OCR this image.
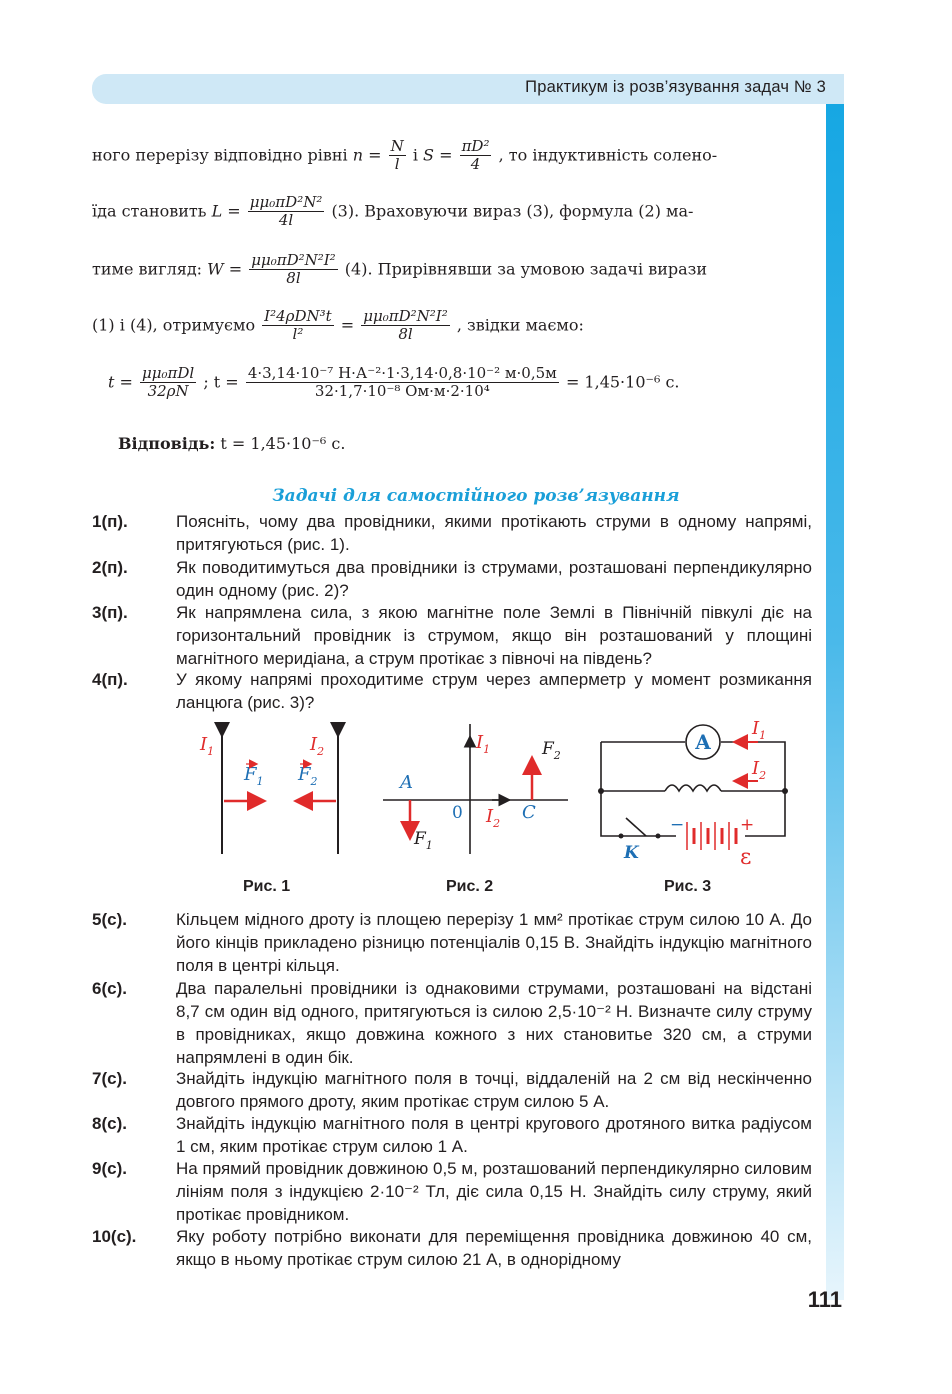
Практикум із розв’язування задач № 3
ного перерізу відповідно рівні $n = \frac{N}{l}$ і $S = \frac{\text{πD²}}{4}$ , то індуктивність солено-
їда становить $L = \frac{\text{μμ₀πD²N²}}{4l} (3)$. Враховуючи вираз (3), формула (2) ма-
тиме вигляд: $W = \frac{\text{μμ₀πD²N²I²}}{8l} (4)$. Прирівнявши за умовою задачі вирази
(1) і (4), отримуємо $\frac{\text{I²4ρDN³t}}{\text{l²}} = \frac{\text{μμ₀πD²N²I²}}{8l}$ , звідки маємо:
$t = \frac{\text{μμ₀πDl}}{32\rho N}$ ; $t = \frac{\text{4·3,14·10⁻⁷ Н·А⁻²·1·3,14·0,8·10⁻² м·0,5м}}{\text{32·1,7·10⁻⁸ Ом·м·2·10⁴}} = 1,45\cdot 10^{-6}$ с.
Відповідь: t = 1,45·10⁻⁶ с.
Задачі для самостійного розв’язування
1(п).	Поясніть, чому два провідники, якими протікають струми в одному напрямі, притягуються (рис. 1).
2(п).	Як поводитимуться два провідники із струмами, розташовані перпендикулярно один одному (рис. 2)?
3(п).	Як напрямлена сила, з якою магнітне поле Землі в Північній півкулі діє на горизонтальний провідник із струмом, якщо він розташований у площині магнітного меридіана, а струм протікає з півночі на південь?
4(п).	У якому напрямі проходитиме струм через амперметр у момент розмикання ланцюга (рис. 3)?
$I_1$	$I_2$
$F_1$ $F_2$
$I_1$
$I_2$
A
C
0
$F_1$
$F_2$
A
$I_1$
$I_2$
K
−	+
ε
Рис. 1	Рис. 2	Рис. 3
5(с).	Кільцем мідного дроту із площею перерізу 1 мм² протікає струм силою 10 А. До його кінців прикладено різницю потенціалів 0,15 В. Знайдіть індукцію магнітного поля в центрі кільця.
6(с).	Два паралельні провідники із однаковими струмами, розташовані на відстані 8,7 см один від одного, притягуються із силою 2,5·10⁻² Н. Визначте силу струму в провідниках, якщо довжина кожного з них становитье 320 см, а струми напрямлені в один бік.
7(с).	Знайдіть індукцію магнітного поля в точці, віддаленій на 2 см від нескінченно довгого прямого дроту, яким протікає струм силою 5 А.
8(с).	Знайдіть індукцію магнітного поля в центрі кругового дротяного витка радіусом 1 см, яким протікає струм силою 1 А.
9(с).	На прямий провідник довжиною 0,5 м, розташований перпендикулярно силовим лініям поля з індукцією 2·10⁻² Тл, діє сила 0,15 Н. Знайдіть силу струму, який протікає провідником.
10(с). Яку роботу потрібно виконати для переміщення провідника довжиною 40 см, якщо в ньому протікає струм силою 21 А, в однорідному
111
